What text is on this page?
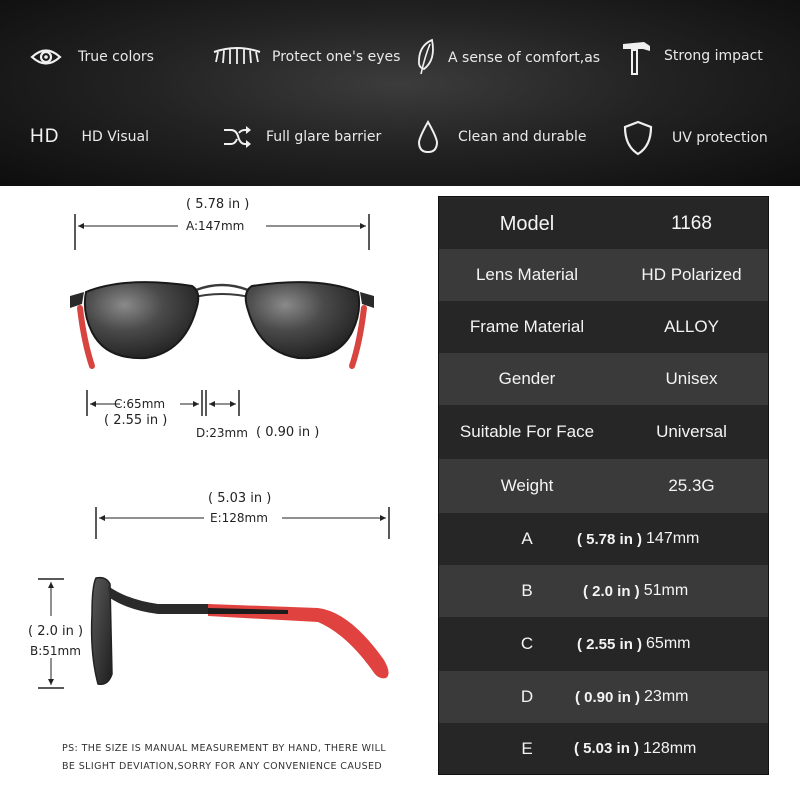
True colors	Protect one's eyes	A sense of comfort,as	Strong impact
HD HD Visual	Full glare barrier	Clean and durable	UV protection
( 5.78 in )
A:147mm
C:65mm
( 2.55 in )
D:23mm ( 0.90 in )
( 5.03 in )
E:128mm
( 2.0 in )
B:51mm
PS: THE SIZE IS MANUAL MEASUREMENT BY HAND, THERE WILL
BE SLIGHT DEVIATION,SORRY FOR ANY CONVENIENCE CAUSED
Model	1168
Lens Material	HD Polarized
Frame Material	ALLOY
Gender	Unisex
Suitable For Face	Universal
Weight	25.3G
A	( 5.78 in ) 147mm
B	( 2.0 in ) 51mm
C	( 2.55 in ) 65mm
D	( 0.90 in ) 23mm
E	( 5.03 in ) 128mm
